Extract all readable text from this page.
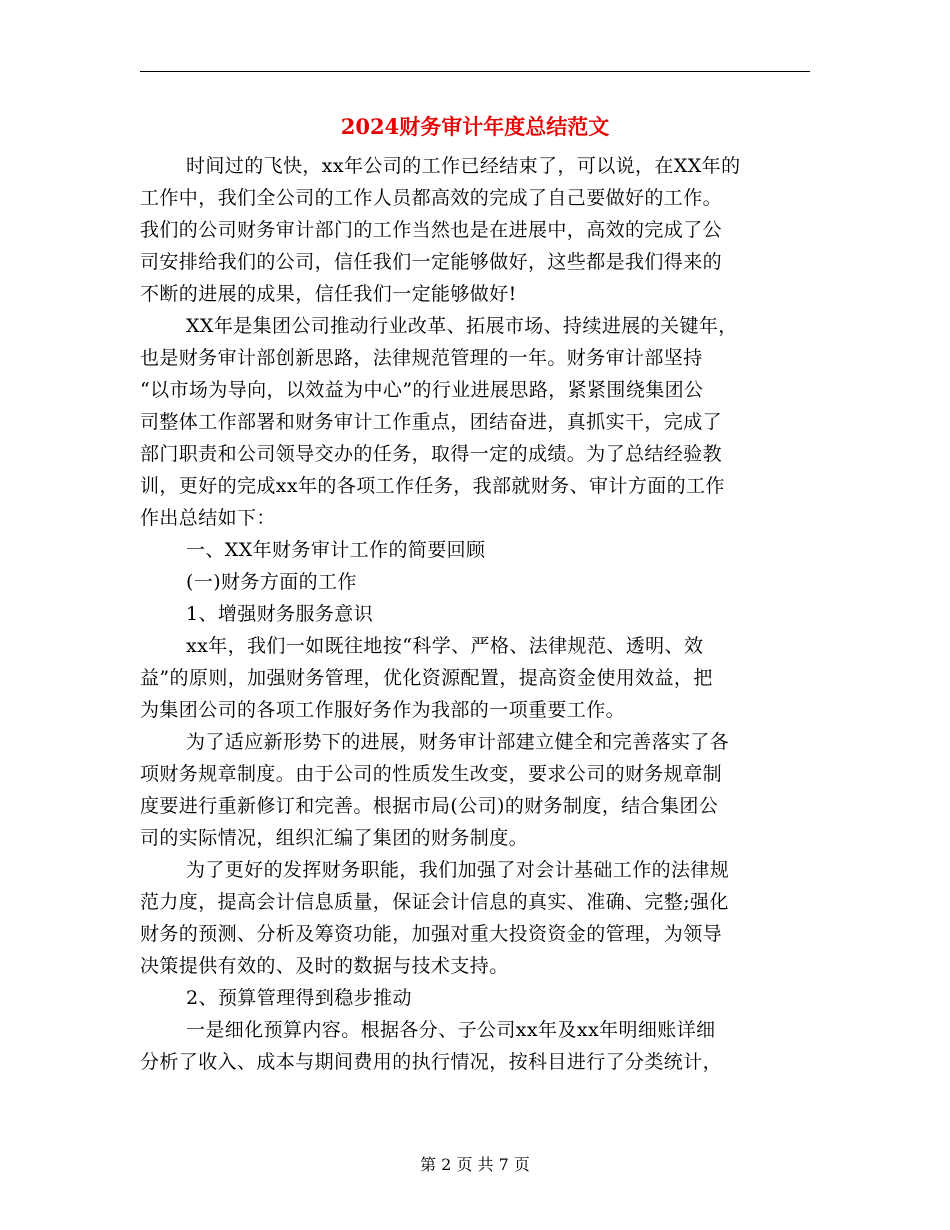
2024财务审计年度总结范文
时间过的飞快，xx年公司的工作已经结束了，可以说，在XX年的
工作中，我们全公司的工作人员都高效的完成了自己要做好的工作。
我们的公司财务审计部门的工作当然也是在进展中，高效的完成了公
司安排给我们的公司，信任我们一定能够做好，这些都是我们得来的
不断的进展的成果，信任我们一定能够做好!
XX年是集团公司推动行业改革、拓展市场、持续进展的关键年，
也是财务审计部创新思路，法律规范管理的一年。财务审计部坚持
“以市场为导向，以效益为中心”的行业进展思路，紧紧围绕集团公
司整体工作部署和财务审计工作重点，团结奋进，真抓实干，完成了
部门职责和公司领导交办的任务，取得一定的成绩。为了总结经验教
训，更好的完成xx年的各项工作任务，我部就财务、审计方面的工作
作出总结如下：
一、XX年财务审计工作的简要回顾
(一)财务方面的工作
1、增强财务服务意识
xx年，我们一如既往地按“科学、严格、法律规范、透明、效
益”的原则，加强财务管理，优化资源配置，提高资金使用效益，把
为集团公司的各项工作服好务作为我部的一项重要工作。
为了适应新形势下的进展，财务审计部建立健全和完善落实了各
项财务规章制度。由于公司的性质发生改变，要求公司的财务规章制
度要进行重新修订和完善。根据市局(公司)的财务制度，结合集团公
司的实际情况，组织汇编了集团的财务制度。
为了更好的发挥财务职能，我们加强了对会计基础工作的法律规
范力度，提高会计信息质量，保证会计信息的真实、准确、完整;强化
财务的预测、分析及筹资功能，加强对重大投资资金的管理，为领导
决策提供有效的、及时的数据与技术支持。
2、预算管理得到稳步推动
一是细化预算内容。根据各分、子公司xx年及xx年明细账详细
分析了收入、成本与期间费用的执行情况，按科目进行了分类统计，
第 2 页 共 7 页
